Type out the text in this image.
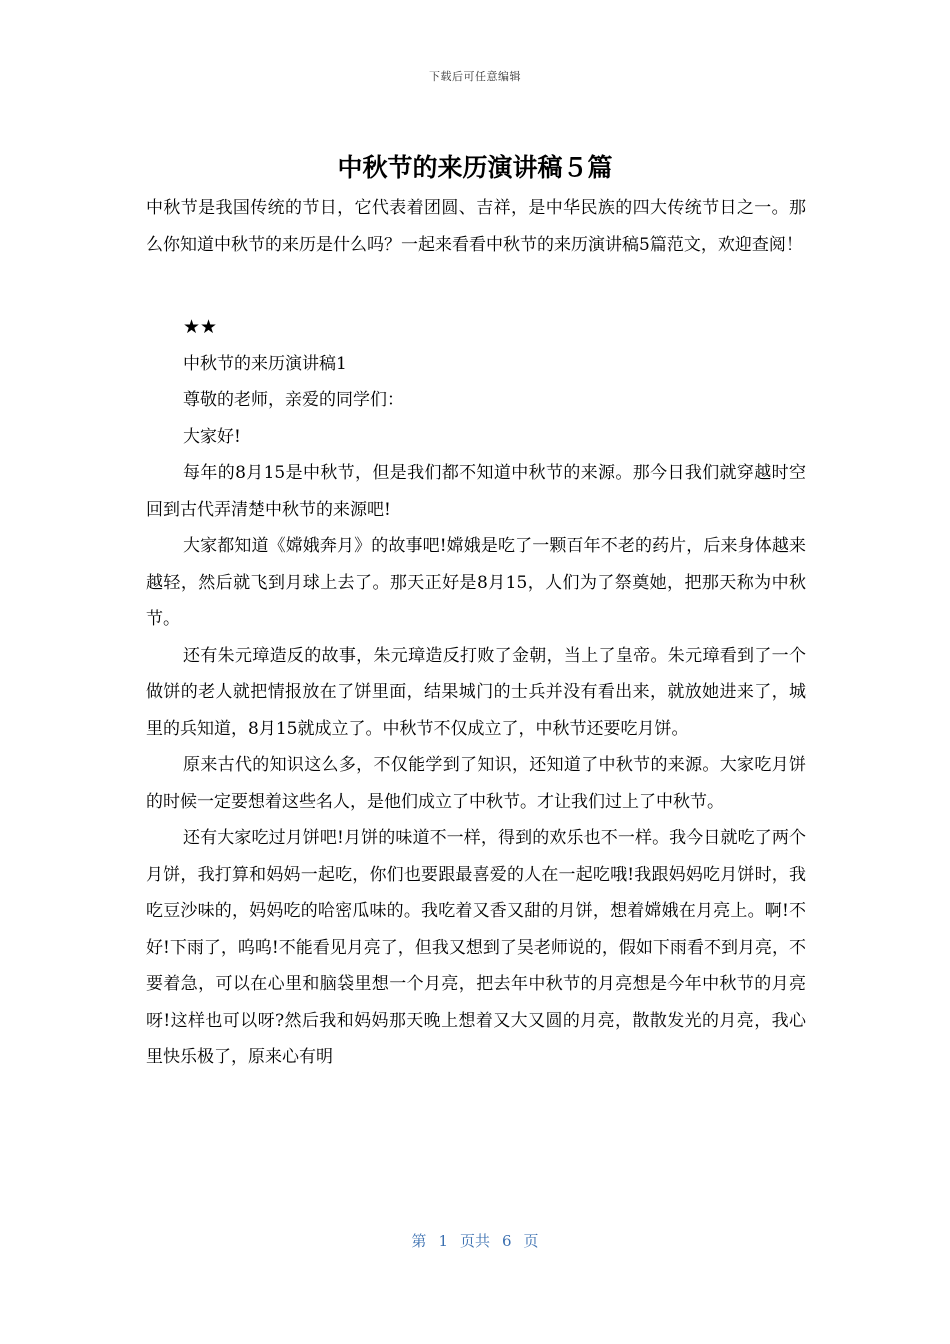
下载后可任意编辑
中秋节的来历演讲稿５篇

中秋节是我国传统的节日，它代表着团圆、吉祥，是中华民族的四大传统节日之一。那么你知道中秋节的来历是什么吗？一起来看看中秋节的来历演讲稿5篇范文，欢迎查阅！

★★

中秋节的来历演讲稿1

尊敬的老师，亲爱的同学们：

大家好!

每年的8月15是中秋节，但是我们都不知道中秋节的来源。那今日我们就穿越时空回到古代弄清楚中秋节的来源吧!

大家都知道《嫦娥奔月》的故事吧!嫦娥是吃了一颗百年不老的药片，后来身体越来越轻，然后就飞到月球上去了。那天正好是8月15，人们为了祭奠她，把那天称为中秋节。

还有朱元璋造反的故事，朱元璋造反打败了金朝，当上了皇帝。朱元璋看到了一个做饼的老人就把情报放在了饼里面，结果城门的士兵并没有看出来，就放她进来了，城里的兵知道，8月15就成立了。中秋节不仅成立了，中秋节还要吃月饼。

原来古代的知识这么多，不仅能学到了知识，还知道了中秋节的来源。大家吃月饼的时候一定要想着这些名人，是他们成立了中秋节。才让我们过上了中秋节。

还有大家吃过月饼吧!月饼的味道不一样，得到的欢乐也不一样。我今日就吃了两个月饼，我打算和妈妈一起吃，你们也要跟最喜爱的人在一起吃哦!我跟妈妈吃月饼时，我吃豆沙味的，妈妈吃的哈密瓜味的。我吃着又香又甜的月饼，想着嫦娥在月亮上。啊!不好!下雨了，呜呜!不能看见月亮了，但我又想到了吴老师说的，假如下雨看不到月亮，不要着急，可以在心里和脑袋里想一个月亮，把去年中秋节的月亮想是今年中秋节的月亮呀!这样也可以呀?然后我和妈妈那天晚上想着又大又圆的月亮，散散发光的月亮，我心里快乐极了，原来心有明

第 1 页共 6 页
